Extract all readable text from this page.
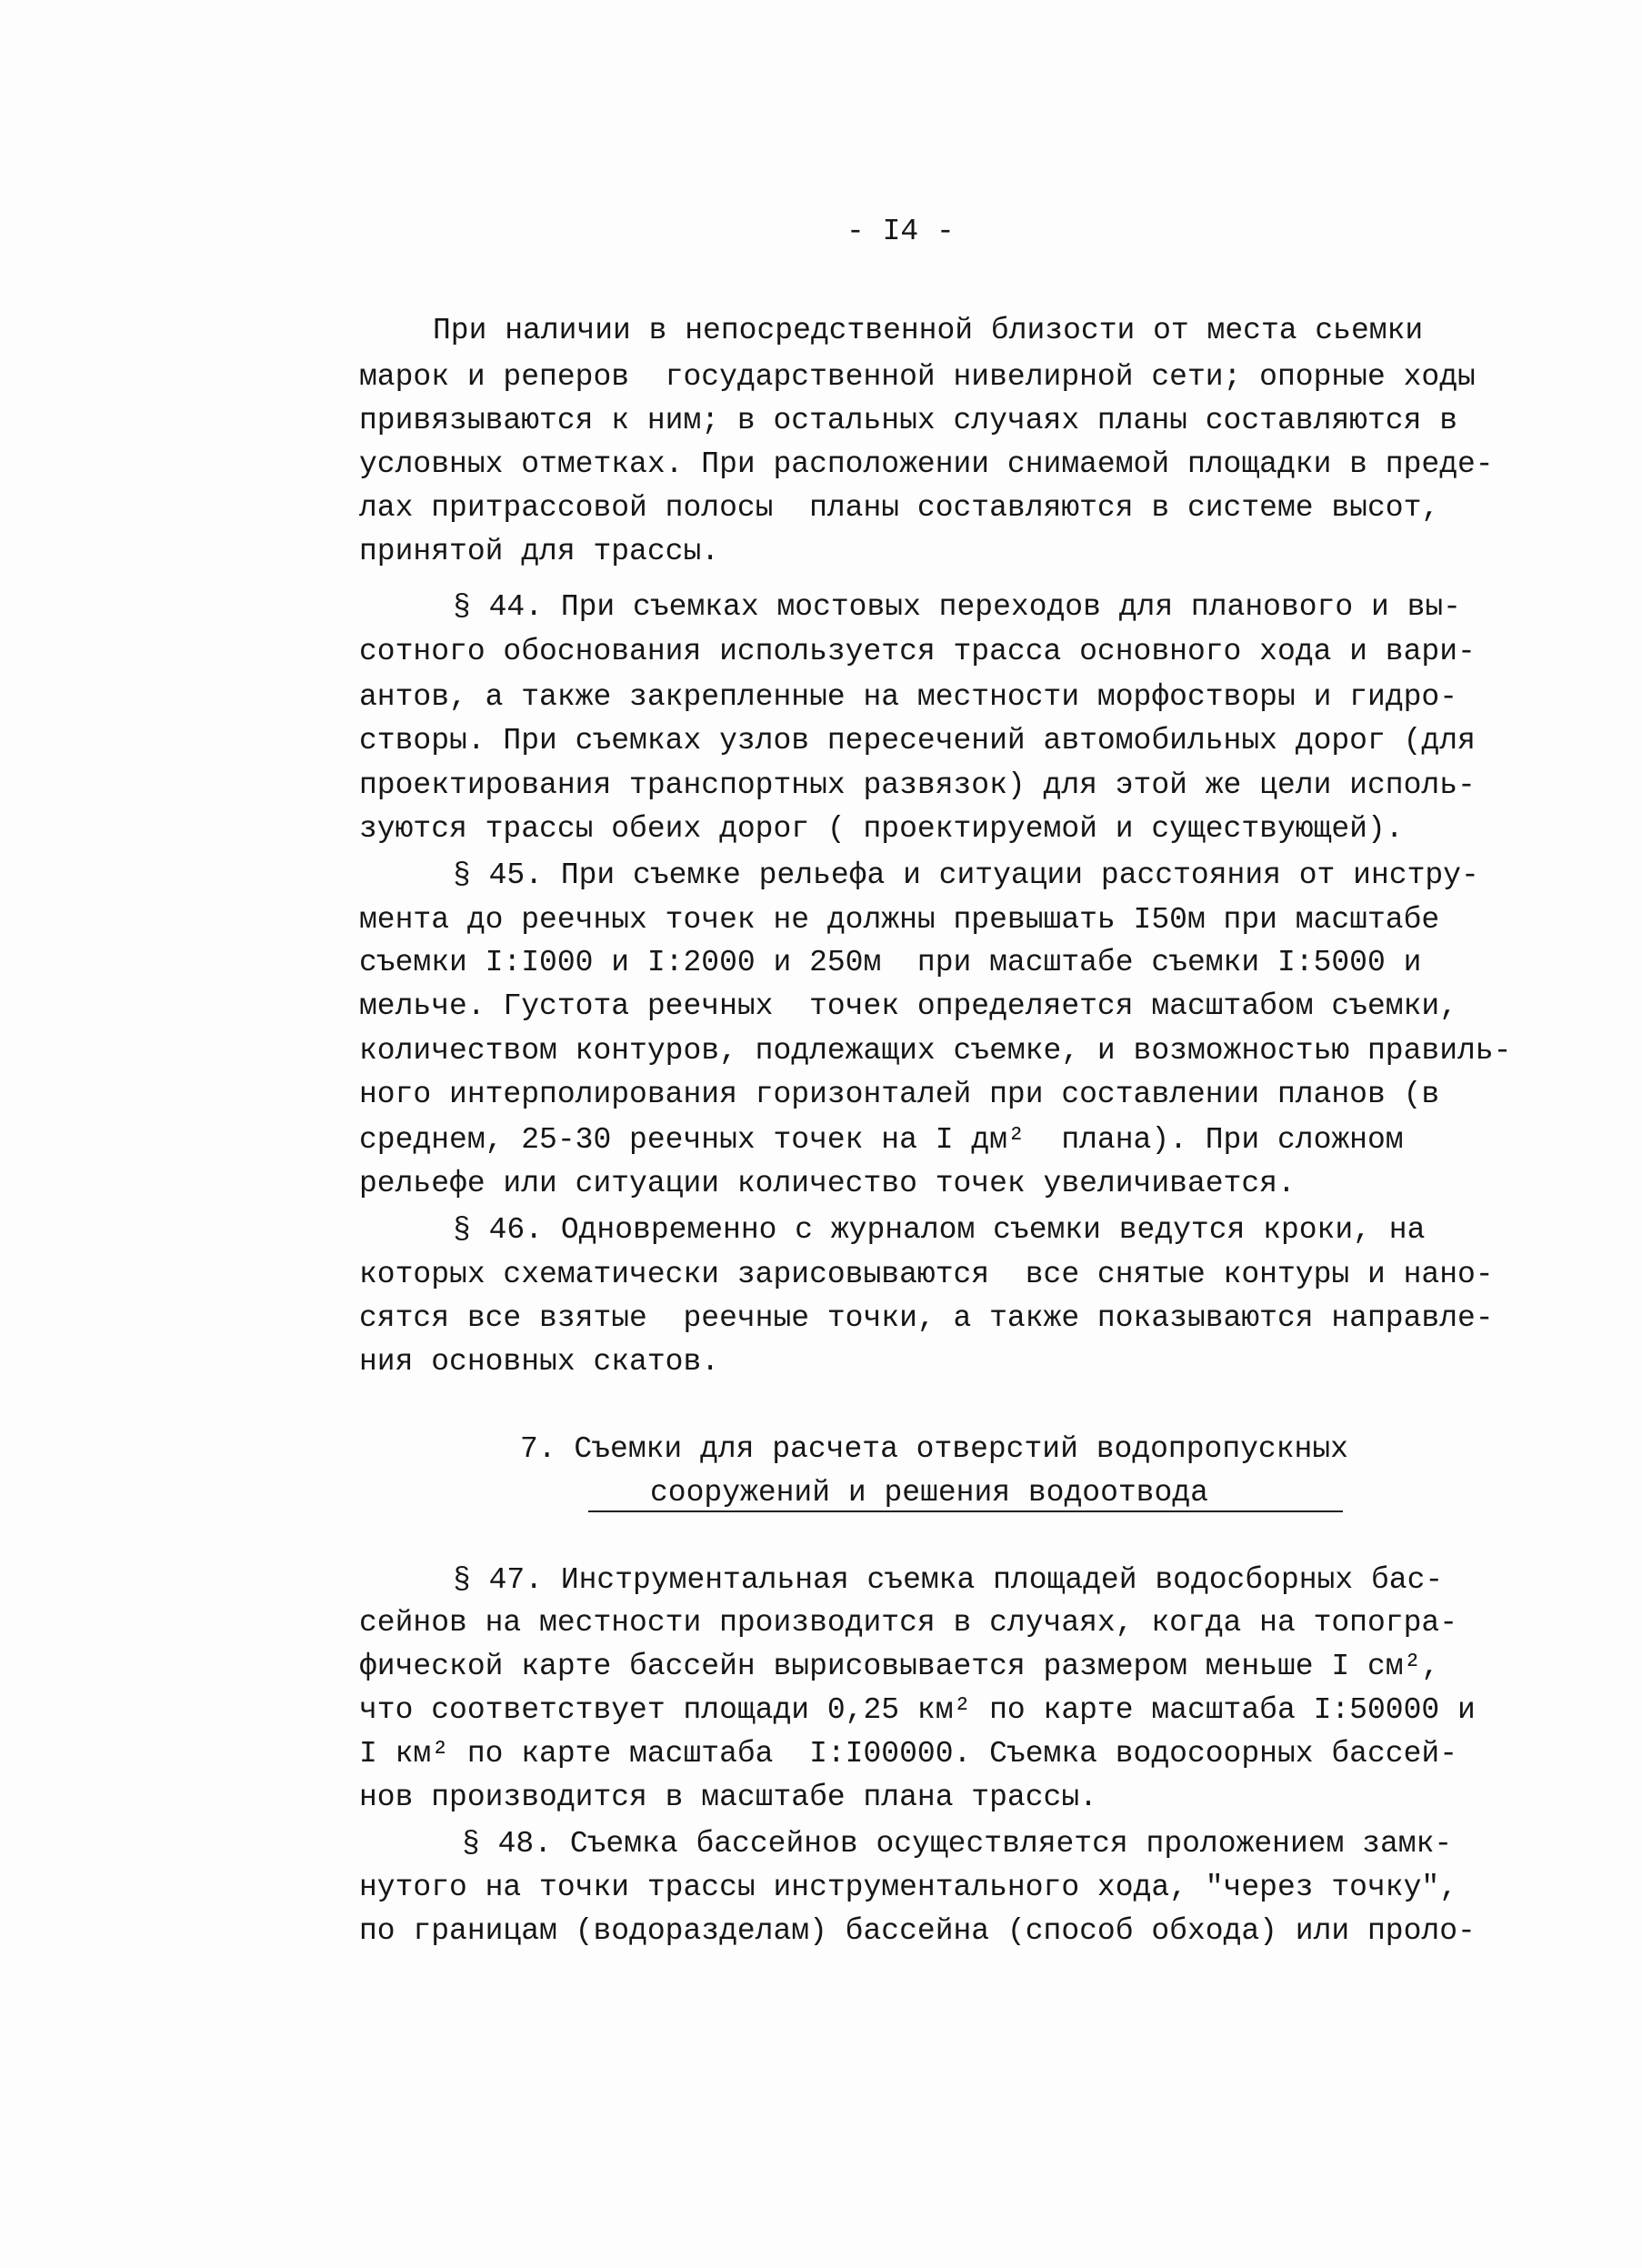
- I4 -
При наличии в непосредственной близости от места сьемки
марок и реперов  государственной нивелирной сети; опорные ходы
привязываются к ним; в остальных случаях планы составляются в
условных отметках. При расположении снимаемой площадки в преде-
лах притрассовой полосы  планы составляются в системе высот,
принятой для трассы.
§ 44. При съемках мостовых переходов для планового и вы-
сотного обоснования используется трасса основного хода и вари-
антов, а также закрепленные на местности морфостворы и гидро-
створы. При съемках узлов пересечений автомобильных дорог (для
проектирования транспортных развязок) для этой же цели исполь-
зуются трассы обеих дорог ( проектируемой и существующей).
§ 45. При съемке рельефа и ситуации расстояния от инстру-
мента до реечных точек не должны превышать I50м при масштабе
съемки I:I000 и I:2000 и 250м  при масштабе съемки I:5000 и
мельче. Густота реечных  точек определяется масштабом съемки,
количеством контуров, подлежащих съемке, и возможностью правиль-
ного интерполирования горизонталей при составлении планов (в
среднем, 25-30 реечных точек на I дм²  плана). При сложном
рельефе или ситуации количество точек увеличивается.
§ 46. Одновременно с журналом съемки ведутся кроки, на
которых схематически зарисовываются  все снятые контуры и нано-
сятся все взятые  реечные точки, а также показываются направле-
ния основных скатов.
7. Съемки для расчета отверстий водопропускных
сооружений и решения водоотвода
§ 47. Инструментальная съемка площадей водосборных бас-
сейнов на местности производится в случаях, когда на топогра-
фической карте бассейн вырисовывается размером меньше I см²,
что соответствует площади 0,25 км² по карте масштаба I:50000 и
I км² по карте масштаба  I:I00000. Съемка водосоорных бассей-
нов производится в масштабе плана трассы.
§ 48. Съемка бассейнов осуществляется проложением замк-
нутого на точки трассы инструментального хода, "через точку",
по границам (водоразделам) бассейна (способ обхода) или проло-
